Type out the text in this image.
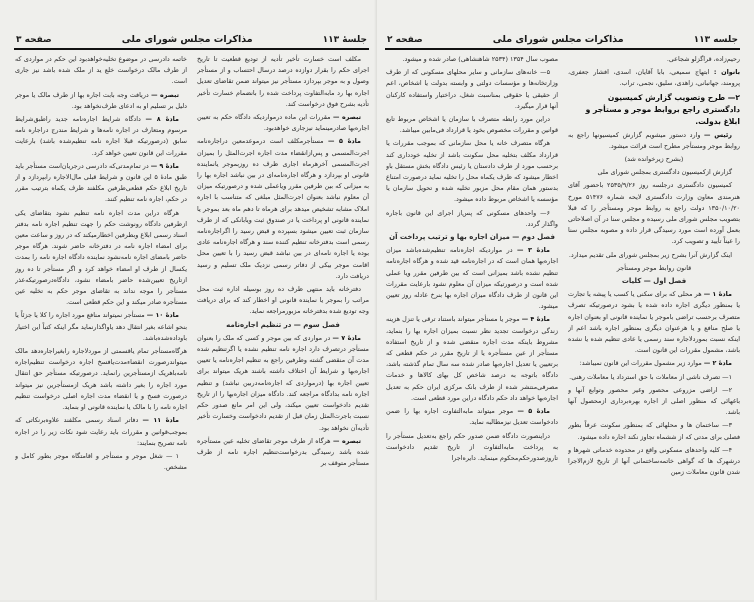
جلسهٔ ۱۱۳
مذاکرات مجلس شورای ملی
صفحه ۳

مکلف است خسارت تأخیر تأدیه از تودیع قطعیت تا تاریخ اجرای حکم را بقرار دوازده درصد درسال احتساب و از مستأجر وصول و به موجر بپردازد مستأجر نیز میتواند ضمن تقاضای تعدیل اجاره بها رد مابه‌التفاوت پرداخت شده را بانضمام خسارت تأخیر تأدیه بشرح فوق درخواست کند.

تبصره — مقررات این ماده درمواردیکه دادگاه حکم به تعیین اجاره‌بها صادرمینماید نیزجاری خواهدبود.

مادهٔ ۵ — مستأجرمکلف است درموعدمعین دراجاره‌نامه اجرت‌المسمی و پس‌ازانقضاء مدت اجاره اجرت‌المثل را بمیزان اجرت‌المسمی آخرهرماه اجاری ظرف ده روزبموجر یانماینده قانونی او بپردازد و هرگاه اجاره‌نامه‌ای در بین نباشد اجاره بها را به میزانی که بین طرفین مقرر ویاعملی شده و درصورتیکه میزان آن معلوم نباشد بعنوان اجرت‌المثل مبلغی که متناسب با اجاره املاک مشابه تشخیص میدهد برای هرماه تا دهم ماه بعد بموجر یا نماینده قانونی او پرداخت یا در صندوق ثبت ویابانکی که از طرف سازمان ثبت تعیین میشود بسپرده و قبض رسید را اگراجاره‌نامه رسمی است بدفترخانه تنظیم کننده سند و هرگاه اجاره‌نامه عادی بوده یا اجاره نامه‌ای در بین نباشد قبض رسید را با تعیین محل اقامت موجر بیکی از دفاتر رسمی نزدیک ملک تسلیم و رسید دریافت دارد.

دفترخانه باید منتهی ظرف ده روز بوسیله اداره ثبت محل مراتب را بموجر یا نماینده قانونی او اخطار کند که برای دریافت وجه تودیع شده بدفترخانه مزبورمراجعه نماید.

فصل سوم — در تنظیم اجاره‌نامه

مادهٔ ۷ — در مواردی که بین موجر و کسی که ملک را بعنوان مستأجر درتصرف دارد اجاره نامه تنظیم نشده یا اگرتنظیم شده مدت آن منقضی گشته وطرفین راجع به تنظیم اجاره‌نامه یا تعیین اجاره‌بها و شرایط آن اختلاف داشته باشند هریک میتواند برای تعیین اجاره بها (درمواردی که اجاره‌نامه‌دربین نباشد) و تنظیم اجاره نامه بدادگاه مراجعه کند. دادگاه میزان اجاره‌بها را از تاریخ تقدیم دادخواست تعیین میکند، ولی این امر مانع صدور حکم نسبت باجرت‌المثل زمان قبل از تقدیم دادخواست وخسارت تأخیر تأدیه‌آن نخواهد بود.

تبصره — هرگاه از طرف موجر تقاضای تخلیه عین مستأجره شده باشد رسیدگی بدرخواست‌تنظیم اجاره نامه از طرف مستأجر متوقف بر

خاتمه دادرسی در موضوع تخلیه‌خواهدبود این حکم در مواردی که از طرف مالک درخواست خلع ید از ملک شده باشد نیز جاری است.

تبصره — دریافت وجه بابت اجاره بها از طرف مالک یا موجر دلیل بر تسلیم او به ادعای طرف‌نخواهد بود.

مادهٔ ۸ — دادگاه شرایط اجاره‌نامه جدید راطبق‌شرایط مرسوم ومتعارف در اجاره نامه‌ها و شرایط مندرج دراجاره نامه سابق (درصورتیکه قبلا اجاره نامه تنظیم‌شده باشد) بارعایت مقررات این قانون تعیین خواهد کرد.

مادهٔ ۹ — در تمام‌مدتی‌که دادرسی درجریان‌است مستأجر باید طبق مادهٔ ۵ این قانون و شرایط قبلی مال‌الاجاره رابپردازد و از تاریخ ابلاغ حکم قطعی‌طرفین مکلفند ظرف یکماه بترتیب مقرر در حکم، اجاره نامه تنظیم کنند.

هرگاه دراین مدت اجاره نامه تنظیم نشود بتقاضای یکی ازطرفین دادگاه رونوشت حکم را جهت تنظیم اجاره نامه بدفتر اسناد رسمی ابلاغ وبطرفین اخطارمیکند که در روز و ساعت معین برای امضاء اجاره نامه در دفترخانه حاضر شوند. هرگاه موجر حاضر بامضای اجاره نامه‌نشود نماینده دادگاه اجاره نامه را بمدت یکسال از طرف او امضاء خواهد کرد و اگر مستأجر تا ده روز ازتاریخ تعیین‌شده حاضر بامضاء نشود، دادگاه‌درصورتیکه‌عذر مستأجر را موجه نداند به تقاضای موجر حکم به تخلیه عین مستأجره صادر میکند و این حکم قطعی است.

مادهٔ ۱۰ — مستأجر نمیتواند منافع مورد اجاره را کلا یا جزئاً یا بنحو اشاعه بغیر انتقال دهد یاواگذارنماید مگر اینکه کتباً این اختیار باوداده‌شده‌باشد.

هرگاه‌مستأجر تمام یاقسمتی از موردلاجاره رابغیراجاره‌دهد مالک میتواندرصورت انقضاءمدت‌یافسخ اجاره درخواست تنظیم‌اجاره نامه‌باهریک ازمستأجرین رانماید. درصورتیکه مستأجر حق انتقال مورد اجاره را بغیر داشته باشد هریک ازمستأجرین نیز میتواند درصورت فسخ و یا انقضاء مدت اجاره اصلی درخواست تنظیم اجاره نامه را با مالک یا نماینده قانونی او بنماید.

مادهٔ ۱۱ — دفاتر اسناد رسمی مکلفند علاوه‌برنکاتی که بموجب‌قوانین و مقررات باید رعایت شود نکات زیر را در اجاره نامه تصریح بنمایند:

۱ — شغل موجر و مستأجر و اقامتگاه موجر بطور کامل و مشخص.

جلسه ۱۱۳
مذاکرات مجلس شورای ملی
صفحه ۲

رحیم‌زاده، قراگزلو شجاعی.

بانوان : ابتهاج سمیعی، بابا آقایان، اسدی، افشار جعفری، پرومند، جهانبانی، زاهدی، سلیق، نجمی، تراب.

۲— طرح وتصویب گزارش کمیسیون دادگستری راجع بروابط موجر و مستأجر و ابلاغ بدولت.

رئیس — وارد دستور میشویم گزارش کمیسیونها راجع به روابط موجر ومستأجر مطرح است قرائت میشود.

(بشرح زیرخوانده شد)

گزارش ازکمیسیون دادگستری بمجلس شورای ملی

کمیسیون دادگستری درجلسه روز ۲۵۳۵/۹/۲۶ باحضور آقای هنرمندی معاون وزارت دادگستری لایحه شماره ۵۱۴۷۶ مورخ ۱۳۵۰/۱۰/۲۰ دولت راجع به روابط موجر ومستأجر را که قبلا بتصویب مجلس شورای ملی رسیده و مجلس سنا در آن اصلاحاتی بعمل آورده است مورد رسیدگی قرار داده و مصوبه مجلس سنا را عیناً تأیید و تصویب کرد.

اینک گزارش آنرا بشرح زیر بمجلس شورای ملی تقدیم میدارد.

قانون روابط موجر ومستأجر

فصل اول — کلیات

مادهٔ ۱ — هر محلی که برای سکنی یا کسب یا پیشه یا تجارت یا بمنظور دیگری اجاره داده شده یا بشود درصورتیکه تصرف متصرف برحسب تراضی باموجر یا نماینده قانونی او بعنوان اجاره یا صلح منافع و یا هرعنوان دیگری بمنظور اجاره باشد اعم از اینکه نسبت بموردلاجاره سند رسمی یا عادی تنظیم شده یا نشده باشد، مشمول مقررات این قانون است.

مادهٔ ۲ — موارد زیر مشمول مقررات این قانون نمیباشد:

۱— تصرف ناشی از معاملات با حق استرداد یا معاملات رهنی.

۲— اراضی مزروعی محصور وغیر محصور وتوابع آنها و باغهائی که منظور اصلی از اجاره بهره‌برداری ازمحصول آنها باشد.

۳— ساختمان ها و محلهائی که بمنظور سکونت عرفاً بطور فصلی برای مدتی که از ششماه تجاوز نکند اجاره داده میشود.

۴— کلیه واحدهای مسکونی واقع در محدوده خدماتی شهرها و درشهرک ها که گواهی خاتمه‌ساختمانی آنها از تاریخ لازم‌الاجرا شدن قانون معاملات زمین

مصوب سال ۱۳۵۴ (۲۵۳۴ شاهنشاهی) صادر شده و میشود.

۵— خانه‌های سازمانی و سایر محلهای مسکونی که از طرف وزارتخانه‌ها و مؤسسات دولتی و وابسته بدولت یا اشخاص، اعم از حقیقی یا حقوقی بمناسبت شغل، دراختیار واستفاده کارکنان آنها قرار میگیرد.

دراین مورد رابطه متصرف با سازمان یا اشخاص مربوط تابع قوانین و مقررات مخصوص بخود یا قرارداد فی‌مابین میباشد.

هرگاه متصرف خانه یا محل سازمانی که بموجب مقررات یا قرارداد مکلف بتخلیه محل سکونت باشد از تخلیه خودداری کند برحسب مورد از طرف دادستان یا رئیس دادگاه بخش مستقل باو اخطار میشود که ظرف یکماه محل را تخلیه نماید درصورت امتناع بدستور همان مقام محل مزبور تخلیه شده و تحویل سازمان یا مؤسسه یا اشخاص مربوط داده میشود.

۶— واحدهای مسکونی که پس‌از اجرای این قانون باجاره واگذار گردد.

فصل دوم — میزان اجاره بها و ترتیب پرداخت آن

مادهٔ ۳ — در مواردیکه اجاره‌نامه تنظیم‌شده‌باشد میزان اجاره‌بها همان است که در اجاره‌نامه قید شده و هرگاه اجاره‌نامه تنظیم نشده باشد بمیزانی است که بین طرفین مقرر ویا عملی شده است و درصورتیکه میزان آن معلوم نشود بارعایت مقررات این قانون از طرف دادگاه میزان اجاره بها بنرخ عادله روز تعیین میشود.

مادهٔ ۴ — موجر یا مستأجر میتواند باستناد ترقی یا تنزل هزینه زندگی درخواست تجدید نظر نسبت بمیزان اجاره بها را بنماید، مشروط باینکه مدت اجاره منقضی شده و از تاریخ استفاده مستأجر از عین مستأجره یا از تاریخ مقرر در حکم قطعی که برتعیین یا تعدیل اجاره‌بها صادر شده سه سال تمام گذشته باشد، دادگاه باتوجه به درصد شاخص کل بهای کالاها و خدمات مصرفی‌منتشر شده از طرف بانک مرکزی ایران حکم به تعدیل اجاره‌بها خواهد داد حکم دادگاه دراین مورد قطعی است.

مادهٔ ۵ — موجر میتواند مابه‌التفاوت اجاره بها را ضمن دادخواست تعدیل نیزمطالبه نماید.

دراینصورت دادگاه ضمن صدور حکم راجع به‌تعدیل مستأجر را به پرداخت مابه‌التفاوت از تاریخ تقدیم دادخواست تاروزصدورحکم‌محکوم مینماید. دایره‌اجرا
